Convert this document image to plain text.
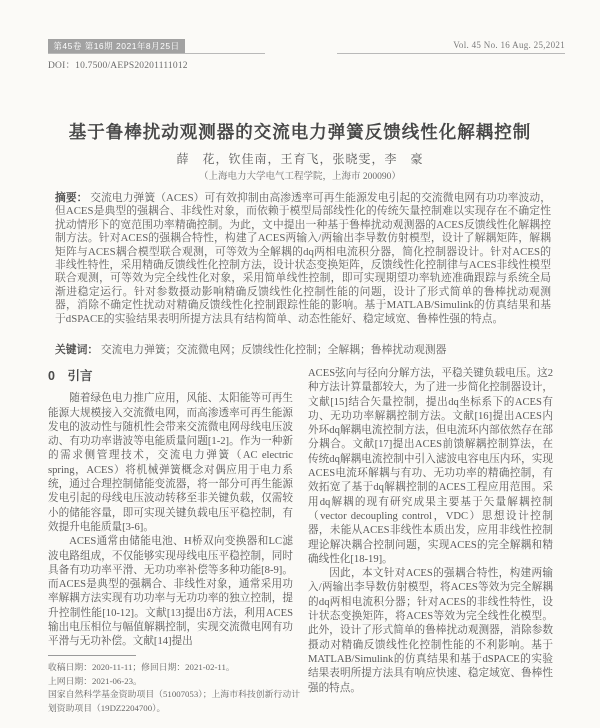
第45卷 第16期 2021年8月25日	Vol. 45 No. 16 Aug. 25,2021
DOI：10.7500/AEPS20201111012
基于鲁棒扰动观测器的交流电力弹簧反馈线性化解耦控制
薛　花，钦佳南，王育飞，张晓雯，李　豪
（上海电力大学电气工程学院，上海市 200090）
摘要： 交流电力弹簧（ACES）可有效抑制由高渗透率可再生能源发电引起的交流微电网有功功率波动，但ACES是典型的强耦合、非线性对象，而依赖于模型局部线性化的传统矢量控制难以实现存在不确定性扰动情形下的宽范围功率精确控制。为此，文中提出一种基于鲁棒扰动观测器的ACES反馈线性化解耦控制方法。针对ACES的强耦合特性，构建了ACES两输入/两输出李导数仿射模型，设计了解耦矩阵，解耦矩阵与ACES耦合模型联合观测，可等效为全解耦的dq两相电流积分器，简化控制器设计。针对ACES的非线性特性，采用精确反馈线性化控制方法，设计状态变换矩阵，反馈线性化控制律与ACES非线性模型联合观测，可等效为完全线性化对象，采用简单线性控制，即可实现期望功率轨迹准确跟踪与系统全局渐进稳定运行。针对参数摄动影响精确反馈线性化控制性能的问题，设计了形式简单的鲁棒扰动观测器，消除不确定性扰动对精确反馈线性化控制跟踪性能的影响。基于MATLAB/Simulink的仿真结果和基于dSPACE的实验结果表明所提方法具有结构简单、动态性能好、稳定域宽、鲁棒性强的特点。
关键词： 交流电力弹簧；交流微电网；反馈线性化控制；全解耦；鲁棒扰动观测器
0　引言

随着绿色电力推广应用，风能、太阳能等可再生能源大规模接入交流微电网，而高渗透率可再生能源发电的波动性与随机性会带来交流微电网母线电压波动、有功功率谐波等电能质量问题[1-2]。作为一种新的需求侧管理技术，交流电力弹簧（AC electric spring，ACES）将机械弹簧概念对偶应用于电力系统，通过合理控制储能变流器，将一部分可再生能源发电引起的母线电压波动转移至非关键负载，仅需较小的储能容量，即可实现关键负载电压平稳控制，有效提升电能质量[3-6]。

ACES通常由储能电池、H桥双向变换器和LC滤波电路组成，不仅能够实现母线电压平稳控制，同时具备有功功率平滑、无功功率补偿等多种功能[8-9]。而ACES是典型的强耦合、非线性对象，通常采用功率解耦方法实现有功功率与无功功率的独立控制，提升控制性能[10-12]。文献[13]提出δ方法，利用ACES输出电压相位与幅值解耦控制，实现交流微电网有功平滑与无功补偿。文献[14]提出

ACES弦向与径向分解方法，平稳关键负载电压。这2种方法计算量都较大，为了进一步简化控制器设计，文献[15]结合矢量控制，提出dq坐标系下的ACES有功、无功功率解耦控制方法。文献[16]提出ACES内外环dq解耦电流控制方法，但电流环内部依然存在部分耦合。文献[17]提出ACES前馈解耦控制算法，在传统dq解耦电流控制中引入滤波电容电压内环，实现ACES电流环解耦与有功、无功功率的精确控制，有效拓宽了基于dq解耦控制的ACES工程应用范围。采用dq解耦的现有研究成果主要基于矢量解耦控制（vector decoupling control，VDC）思想设计控制器，未能从ACES非线性本质出发，应用非线性控制理论解决耦合控制问题，实现ACES的完全解耦和精确线性化[18-19]。

因此，本文针对ACES的强耦合特性，构建两输入/两输出李导数仿射模型，将ACES等效为完全解耦的dq两相电流积分器；针对ACES的非线性特性，设计状态变换矩阵，将ACES等效为完全线性化模型。此外，设计了形式简单的鲁棒扰动观测器，消除参数摄动对精确反馈线性化控制性能的不利影响。基于MATLAB/Simulink的仿真结果和基于dSPACE的实验结果表明所提方法具有响应快速、稳定域宽、鲁棒性强的特点。

收稿日期：2020-11-11；修回日期：2021-02-11。
上网日期：2021-06-23。
国家自然科学基金资助项目（51007053）；上海市科技创新行动计划资助项目（19DZ2204700）。
